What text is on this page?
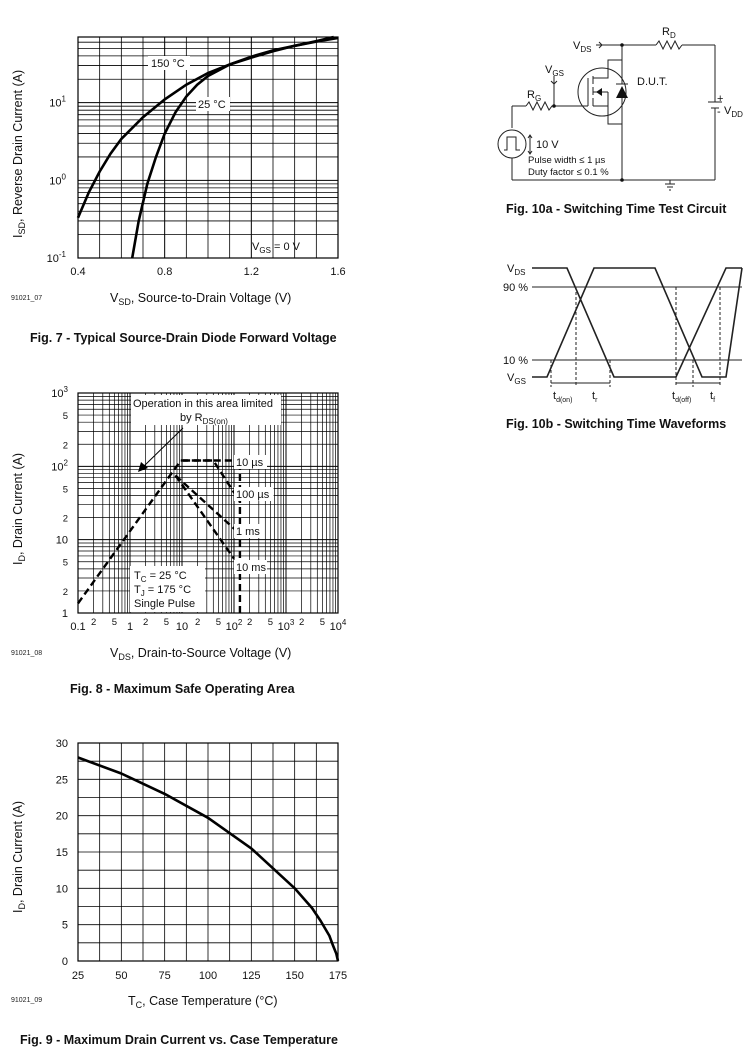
0.4	0.8	1.2	1.6
$10^{-1}$
$10^0$
$10^1$
150 °C
25 °C
$V_{GS} = 0$ V
$V_{SD}$, Source-to-Drain Voltage (V)
$I_{SD}$, Reverse Drain Current (A)
91021_07
Fig. 7 - Typical Source-Drain Diode Forward Voltage
0.1 2 5 1 2 5 10 2 5 $10^2$ 2 5 $10^3$ 2 5 $10^4$
1
2
5
10
2
5
$10^2$
2
5
$10^3$
Operation in this area limited
by $R_{DS(on)}$
10 µs
100 µs
1 ms
10 ms
$T_C = 25$ °C
$T_J = 175$ °C
Single Pulse
$V_{DS}$, Drain-to-Source Voltage (V)
$I_D$, Drain Current (A)
91021_08
Fig. 8 - Maximum Safe Operating Area
25	50	75	100 125 150 175
0
5
10
15
20
25
30
$T_C$, Case Temperature (°C)
$I_D$, Drain Current (A)
91021_09
Fig. 9 - Maximum Drain Current vs. Case Temperature
$V_{DS}$
$R_D$
$V_{GS}$
$R_G$
D.U.T.
+
- $V_{DD}$
10 V
Pulse width ≤ 1 µs
Duty factor ≤ 0.1 %
Fig. 10a - Switching Time Test Circuit
$V_{DS}$
90 %
10 %
$V_{GS}$
$t_{d(on)}$ $t_r$	$t_{d(off)}$ $t_f$
Fig. 10b - Switching Time Waveforms
